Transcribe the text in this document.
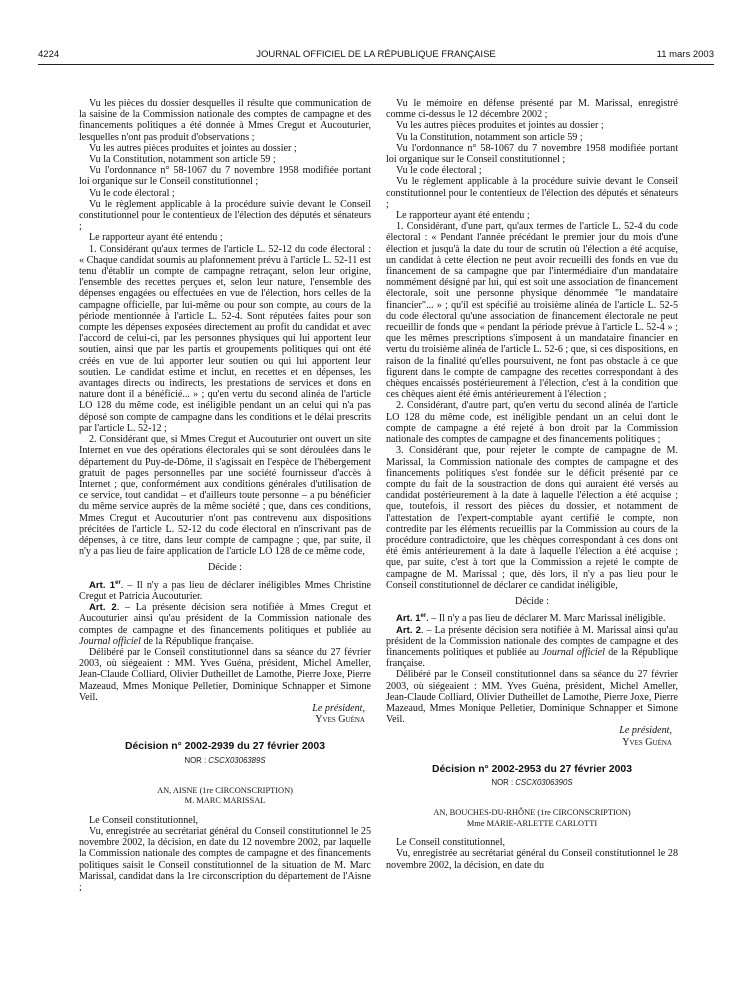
4224	JOURNAL OFFICIEL DE LA RÉPUBLIQUE FRANÇAISE	11 mars 2003

Vu les pièces du dossier desquelles il résulte que communication de la saisine de la Commission nationale des comptes de campagne et des financements politiques a été donnée à Mmes Cregut et Aucouturier, lesquelles n'ont pas produit d'observations ;

Vu les autres pièces produites et jointes au dossier ;

Vu la Constitution, notamment son article 59 ;

Vu l'ordonnance n° 58-1067 du 7 novembre 1958 modifiée portant loi organique sur le Conseil constitutionnel ;

Vu le code électoral ;

Vu le règlement applicable à la procédure suivie devant le Conseil constitutionnel pour le contentieux de l'élection des députés et sénateurs ;

Le rapporteur ayant été entendu ;

1. Considérant qu'aux termes de l'article L. 52-12 du code électoral : « Chaque candidat soumis au plafonnement prévu à l'article L. 52-11 est tenu d'établir un compte de campagne retraçant, selon leur origine, l'ensemble des recettes perçues et, selon leur nature, l'ensemble des dépenses engagées ou effectuées en vue de l'élection, hors celles de la campagne officielle, par lui-même ou pour son compte, au cours de la période mentionnée à l'article L. 52-4. Sont réputées faites pour son compte les dépenses exposées directement au profit du candidat et avec l'accord de celui-ci, par les personnes physiques qui lui apportent leur soutien, ainsi que par les partis et groupements politiques qui ont été créés en vue de lui apporter leur soutien ou qui lui apportent leur soutien. Le candidat estime et inclut, en recettes et en dépenses, les avantages directs ou indirects, les prestations de services et dons en nature dont il a bénéficié... » ; qu'en vertu du second alinéa de l'article LO 128 du même code, est inéligible pendant un an celui qui n'a pas déposé son compte de campagne dans les conditions et le délai prescrits par l'article L. 52-12 ;

2. Considérant que, si Mmes Cregut et Aucouturier ont ouvert un site Internet en vue des opérations électorales qui se sont déroulées dans le département du Puy-de-Dôme, il s'agissait en l'espèce de l'hébergement gratuit de pages personnelles par une société fournisseur d'accès à Internet ; que, conformément aux conditions générales d'utilisation de ce service, tout candidat – et d'ailleurs toute personne – a pu bénéficier du même service auprès de la même société ; que, dans ces conditions, Mmes Cregut et Aucouturier n'ont pas contrevenu aux dispositions précitées de l'article L. 52-12 du code électoral en n'inscrivant pas de dépenses, à ce titre, dans leur compte de campagne ; que, par suite, il n'y a pas lieu de faire application de l'article LO 128 de ce même code,

Décide :

Art. 1er. – Il n'y a pas lieu de déclarer inéligibles Mmes Christine Cregut et Patricia Aucouturier.

Art. 2. – La présente décision sera notifiée à Mmes Cregut et Aucouturier ainsi qu'au président de la Commission nationale des comptes de campagne et des financements politiques et publiée au Journal officiel de la République française.

Délibéré par le Conseil constitutionnel dans sa séance du 27 février 2003, où siégeaient : MM. Yves Guéna, président, Michel Ameller, Jean-Claude Colliard, Olivier Dutheillet de Lamothe, Pierre Joxe, Pierre Mazeaud, Mmes Monique Pelletier, Dominique Schnapper et Simone Veil.

Le président,

Yves Guéna

Décision n° 2002-2939 du 27 février 2003

NOR : CSCX0306389S

AN, AISNE (1re CIRCONSCRIPTION)

M. MARC MARISSAL

Le Conseil constitutionnel,

Vu, enregistrée au secrétariat général du Conseil constitutionnel le 25 novembre 2002, la décision, en date du 12 novembre 2002, par laquelle la Commission nationale des comptes de campagne et des financements politiques saisit le Conseil constitutionnel de la situation de M. Marc Marissal, candidat dans la 1re circonscription du département de l'Aisne ;

Vu le mémoire en défense présenté par M. Marissal, enregistré comme ci-dessus le 12 décembre 2002 ;

Vu les autres pièces produites et jointes au dossier ;

Vu la Constitution, notamment son article 59 ;

Vu l'ordonnance n° 58-1067 du 7 novembre 1958 modifiée portant loi organique sur le Conseil constitutionnel ;

Vu le code électoral ;

Vu le règlement applicable à la procédure suivie devant le Conseil constitutionnel pour le contentieux de l'élection des députés et sénateurs ;

Le rapporteur ayant été entendu ;

1. Considérant, d'une part, qu'aux termes de l'article L. 52-4 du code électoral : « Pendant l'année précédant le premier jour du mois d'une élection et jusqu'à la date du tour de scrutin où l'élection a été acquise, un candidat à cette élection ne peut avoir recueilli des fonds en vue du financement de sa campagne que par l'intermédiaire d'un mandataire nommément désigné par lui, qui est soit une association de financement électorale, soit une personne physique dénommée "le mandataire financier"... » ; qu'il est spécifié au troisième alinéa de l'article L. 52-5 du code électoral qu'une association de financement électorale ne peut recueillir de fonds que « pendant la période prévue à l'article L. 52-4 » ; que les mêmes prescriptions s'imposent à un mandataire financier en vertu du troisième alinéa de l'article L. 52-6 ; que, si ces dispositions, en raison de la finalité qu'elles poursuivent, ne font pas obstacle à ce que figurent dans le compte de campagne des recettes correspondant à des chèques encaissés postérieurement à l'élection, c'est à la condition que ces chèques aient été émis antérieurement à l'élection ;

2. Considérant, d'autre part, qu'en vertu du second alinéa de l'article LO 128 du même code, est inéligible pendant un an celui dont le compte de campagne a été rejeté à bon droit par la Commission nationale des comptes de campagne et des financements politiques ;

3. Considérant que, pour rejeter le compte de campagne de M. Marissal, la Commission nationale des comptes de campagne et des financements politiques s'est fondée sur le déficit présenté par ce compte du fait de la soustraction de dons qui auraient été versés au candidat postérieurement à la date à laquelle l'élection a été acquise ; que, toutefois, il ressort des pièces du dossier, et notamment de l'attestation de l'expert-comptable ayant certifié le compte, non contredite par les éléments recueillis par la Commission au cours de la procédure contradictoire, que les chèques correspondant à ces dons ont été émis antérieurement à la date à laquelle l'élection a été acquise ; que, par suite, c'est à tort que la Commission a rejeté le compte de campagne de M. Marissal ; que, dès lors, il n'y a pas lieu pour le Conseil constitutionnel de déclarer ce candidat inéligible,

Décide :

Art. 1er. – Il n'y a pas lieu de déclarer M. Marc Marissal inéligible.

Art. 2. – La présente décision sera notifiée à M. Marissal ainsi qu'au président de la Commission nationale des comptes de campagne et des financements politiques et publiée au Journal officiel de la République française.

Délibéré par le Conseil constitutionnel dans sa séance du 27 février 2003, où siégeaient : MM. Yves Guéna, président, Michel Ameller, Jean-Claude Colliard, Olivier Dutheillet de Lamothe, Pierre Joxe, Pierre Mazeaud, Mmes Monique Pelletier, Dominique Schnapper et Simone Veil.

Le président,

Yves Guéna

Décision n° 2002-2953 du 27 février 2003

NOR : CSCX0306390S

AN, BOUCHES-DU-RHÔNE (1re CIRCONSCRIPTION)

Mme MARIE-ARLETTE CARLOTTI

Le Conseil constitutionnel,

Vu, enregistrée au secrétariat général du Conseil constitutionnel le 28 novembre 2002, la décision, en date du
